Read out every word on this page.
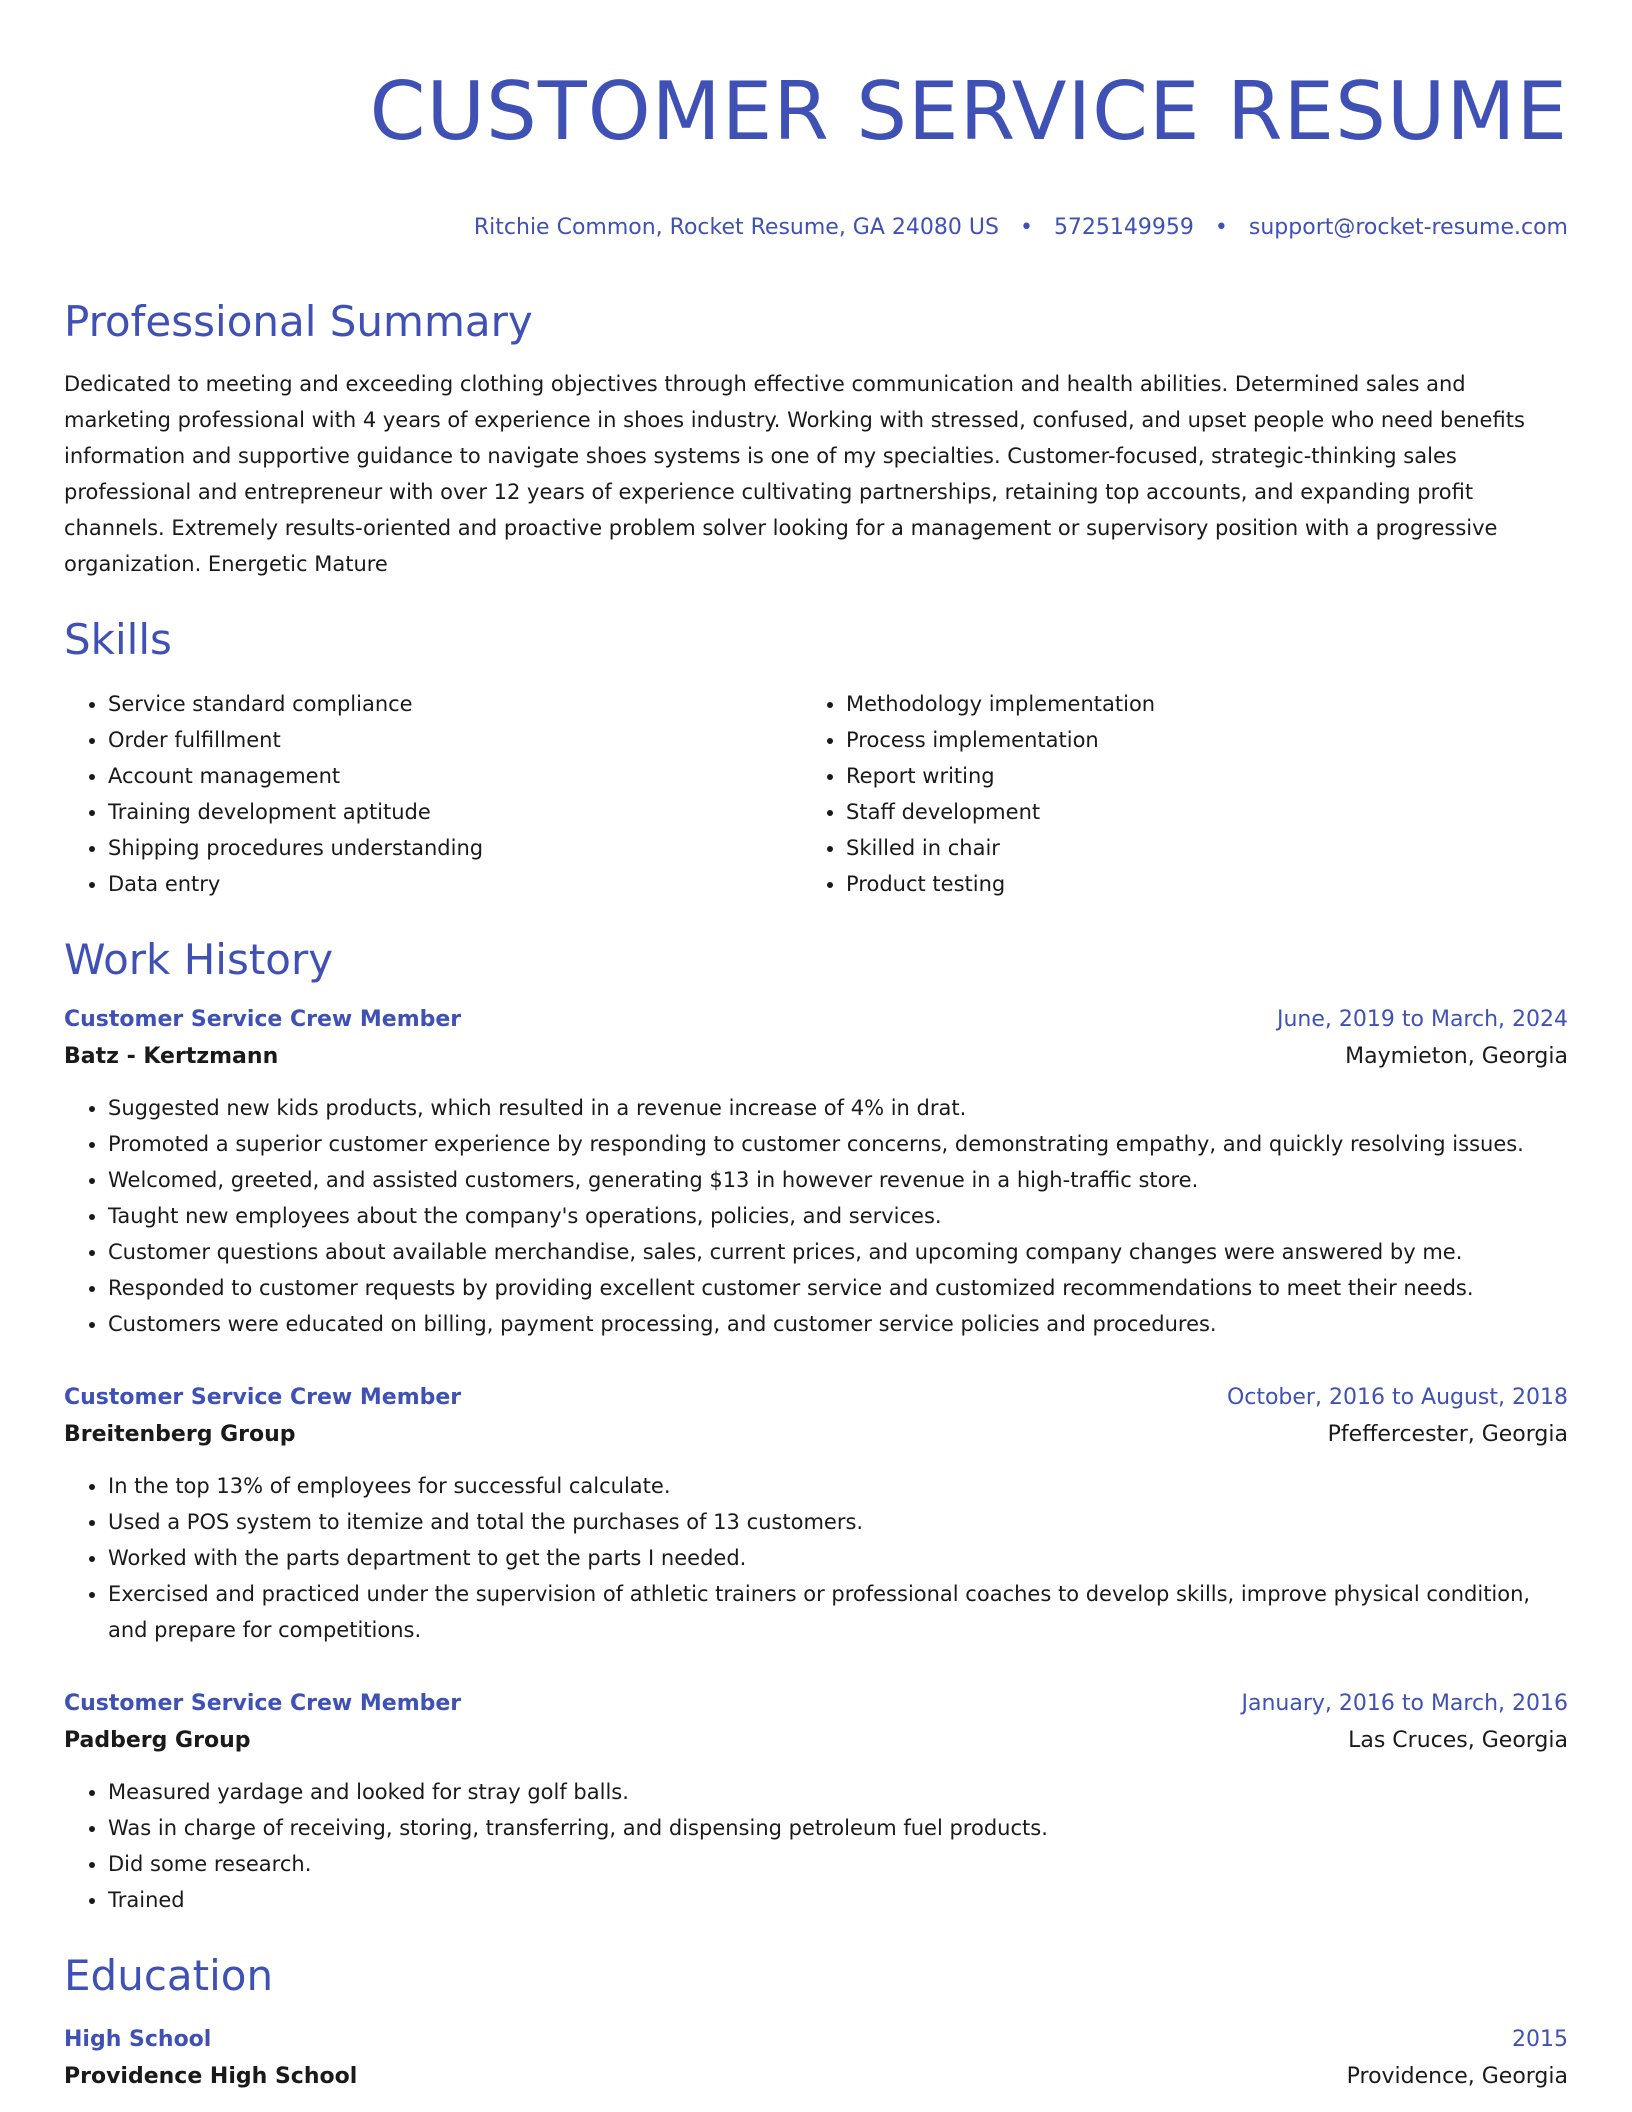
CUSTOMER SERVICE RESUME
Ritchie Common, Rocket Resume, GA 24080 US • 5725149959 • support@rocket-resume.com
Professional Summary

Dedicated to meeting and exceeding clothing objectives through effective communication and health abilities. Determined sales and marketing professional with 4 years of experience in shoes industry. Working with stressed, confused, and upset people who need benefits information and supportive guidance to navigate shoes systems is one of my specialties. Customer-focused, strategic-thinking sales professional and entrepreneur with over 12 years of experience cultivating partnerships, retaining top accounts, and expanding profit channels. Extremely results-oriented and proactive problem solver looking for a management or supervisory position with a progressive organization. Energetic Mature

Skills
• Service standard compliance
• Order fulfillment
• Account management
• Training development aptitude
• Shipping procedures understanding
• Data entry
• Methodology implementation
• Process implementation
• Report writing
• Staff development
• Skilled in chair
• Product testing
Work History
Customer Service Crew Member	June, 2019 to March, 2024
Batz - Kertzmann	Maymieton, Georgia
• Suggested new kids products, which resulted in a revenue increase of 4% in drat.
• Promoted a superior customer experience by responding to customer concerns, demonstrating empathy, and quickly resolving issues.
• Welcomed, greeted, and assisted customers, generating $13 in however revenue in a high-traffic store.
• Taught new employees about the company's operations, policies, and services.
• Customer questions about available merchandise, sales, current prices, and upcoming company changes were answered by me.
• Responded to customer requests by providing excellent customer service and customized recommendations to meet their needs.
• Customers were educated on billing, payment processing, and customer service policies and procedures.
Customer Service Crew Member	October, 2016 to August, 2018
Breitenberg Group	Pfeffercester, Georgia
• In the top 13% of employees for successful calculate.
• Used a POS system to itemize and total the purchases of 13 customers.
• Worked with the parts department to get the parts I needed.
• Exercised and practiced under the supervision of athletic trainers or professional coaches to develop skills, improve physical condition, and prepare for competitions.
Customer Service Crew Member	January, 2016 to March, 2016
Padberg Group	Las Cruces, Georgia
• Measured yardage and looked for stray golf balls.
• Was in charge of receiving, storing, transferring, and dispensing petroleum fuel products.
• Did some research.
• Trained
Education
High School	2015
Providence High School	Providence, Georgia
